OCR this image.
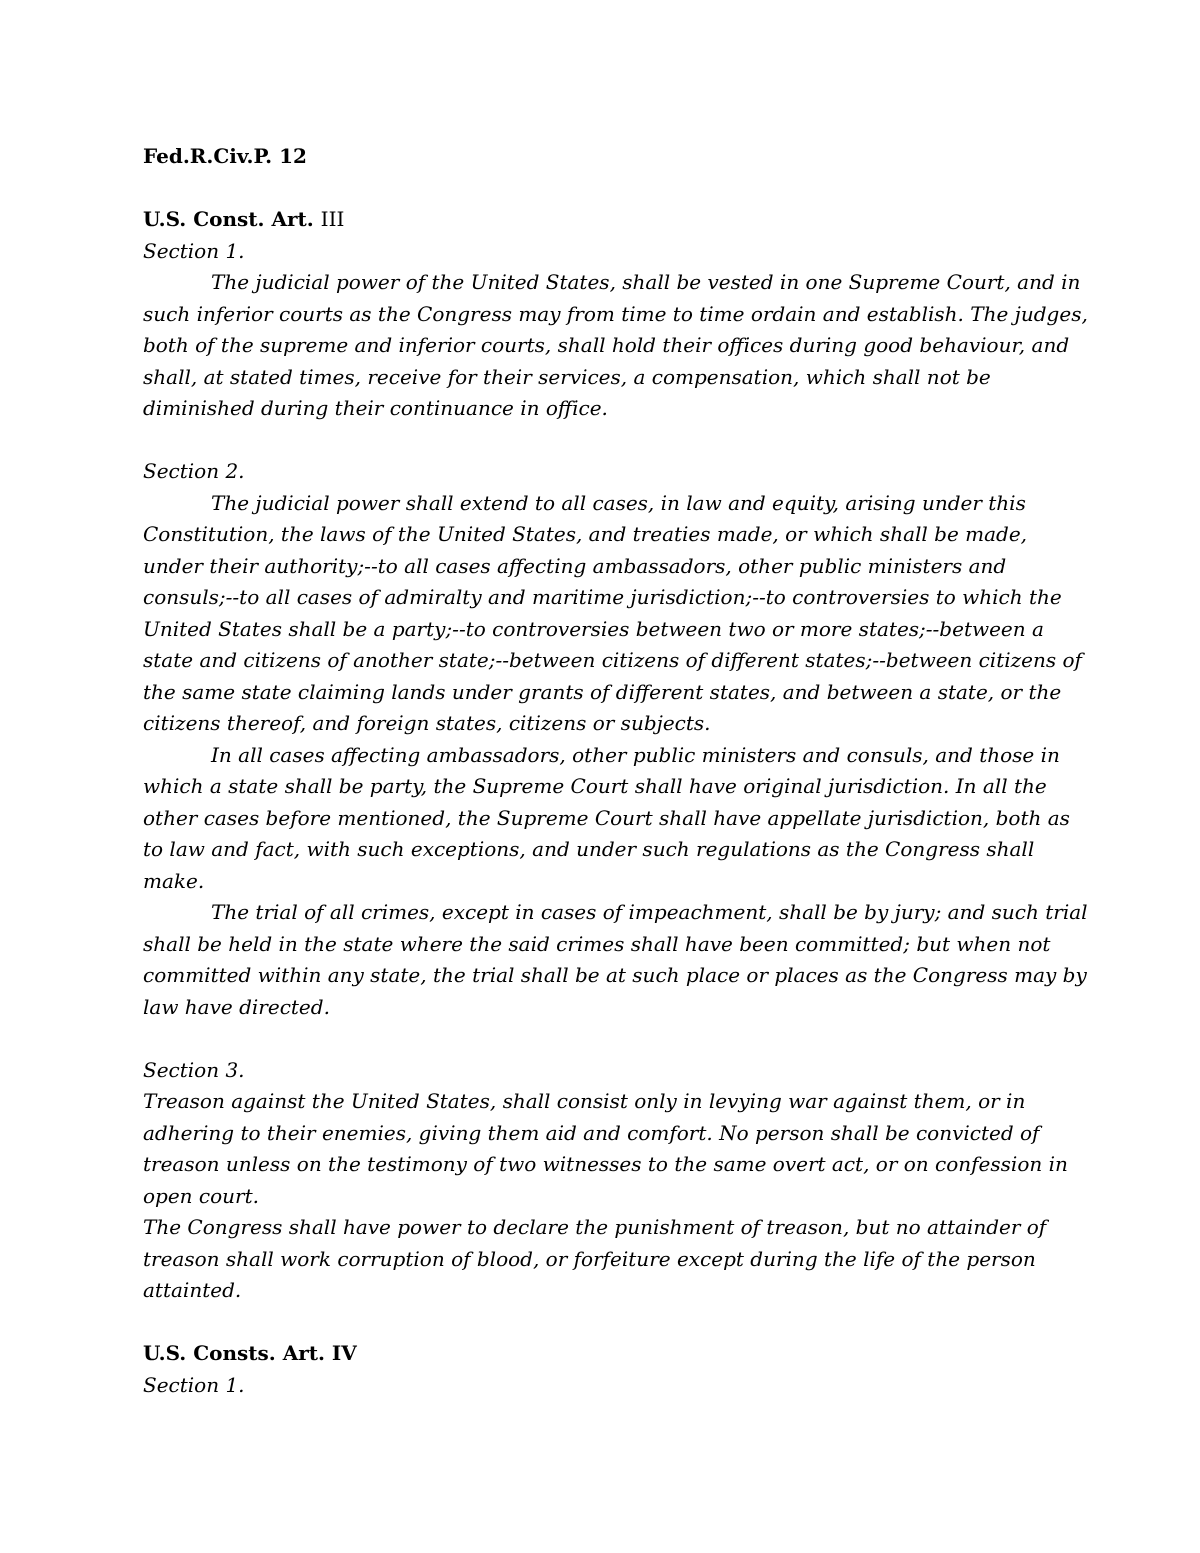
Fed.R.Civ.P. 12

U.S. Const. Art. III

Section 1.

The judicial power of the United States, shall be vested in one Supreme Court, and in such inferior courts as the Congress may from time to time ordain and establish. The judges, both of the supreme and inferior courts, shall hold their offices during good behaviour, and shall, at stated times, receive for their services, a compensation, which shall not be diminished during their continuance in office.

Section 2.

The judicial power shall extend to all cases, in law and equity, arising under this Constitution, the laws of the United States, and treaties made, or which shall be made, under their authority;--to all cases affecting ambassadors, other public ministers and consuls;--to all cases of admiralty and maritime jurisdiction;--to controversies to which the United States shall be a party;--to controversies between two or more states;--between a state and citizens of another state;--between citizens of different states;--between citizens of the same state claiming lands under grants of different states, and between a state, or the citizens thereof, and foreign states, citizens or subjects.

In all cases affecting ambassadors, other public ministers and consuls, and those in which a state shall be party, the Supreme Court shall have original jurisdiction. In all the other cases before mentioned, the Supreme Court shall have appellate jurisdiction, both as to law and fact, with such exceptions, and under such regulations as the Congress shall make.

The trial of all crimes, except in cases of impeachment, shall be by jury; and such trial shall be held in the state where the said crimes shall have been committed; but when not committed within any state, the trial shall be at such place or places as the Congress may by law have directed.

Section 3.

Treason against the United States, shall consist only in levying war against them, or in adhering to their enemies, giving them aid and comfort. No person shall be convicted of treason unless on the testimony of two witnesses to the same overt act, or on confession in open court.

The Congress shall have power to declare the punishment of treason, but no attainder of treason shall work corruption of blood, or forfeiture except during the life of the person attainted.

U.S. Consts. Art. IV

Section 1.
